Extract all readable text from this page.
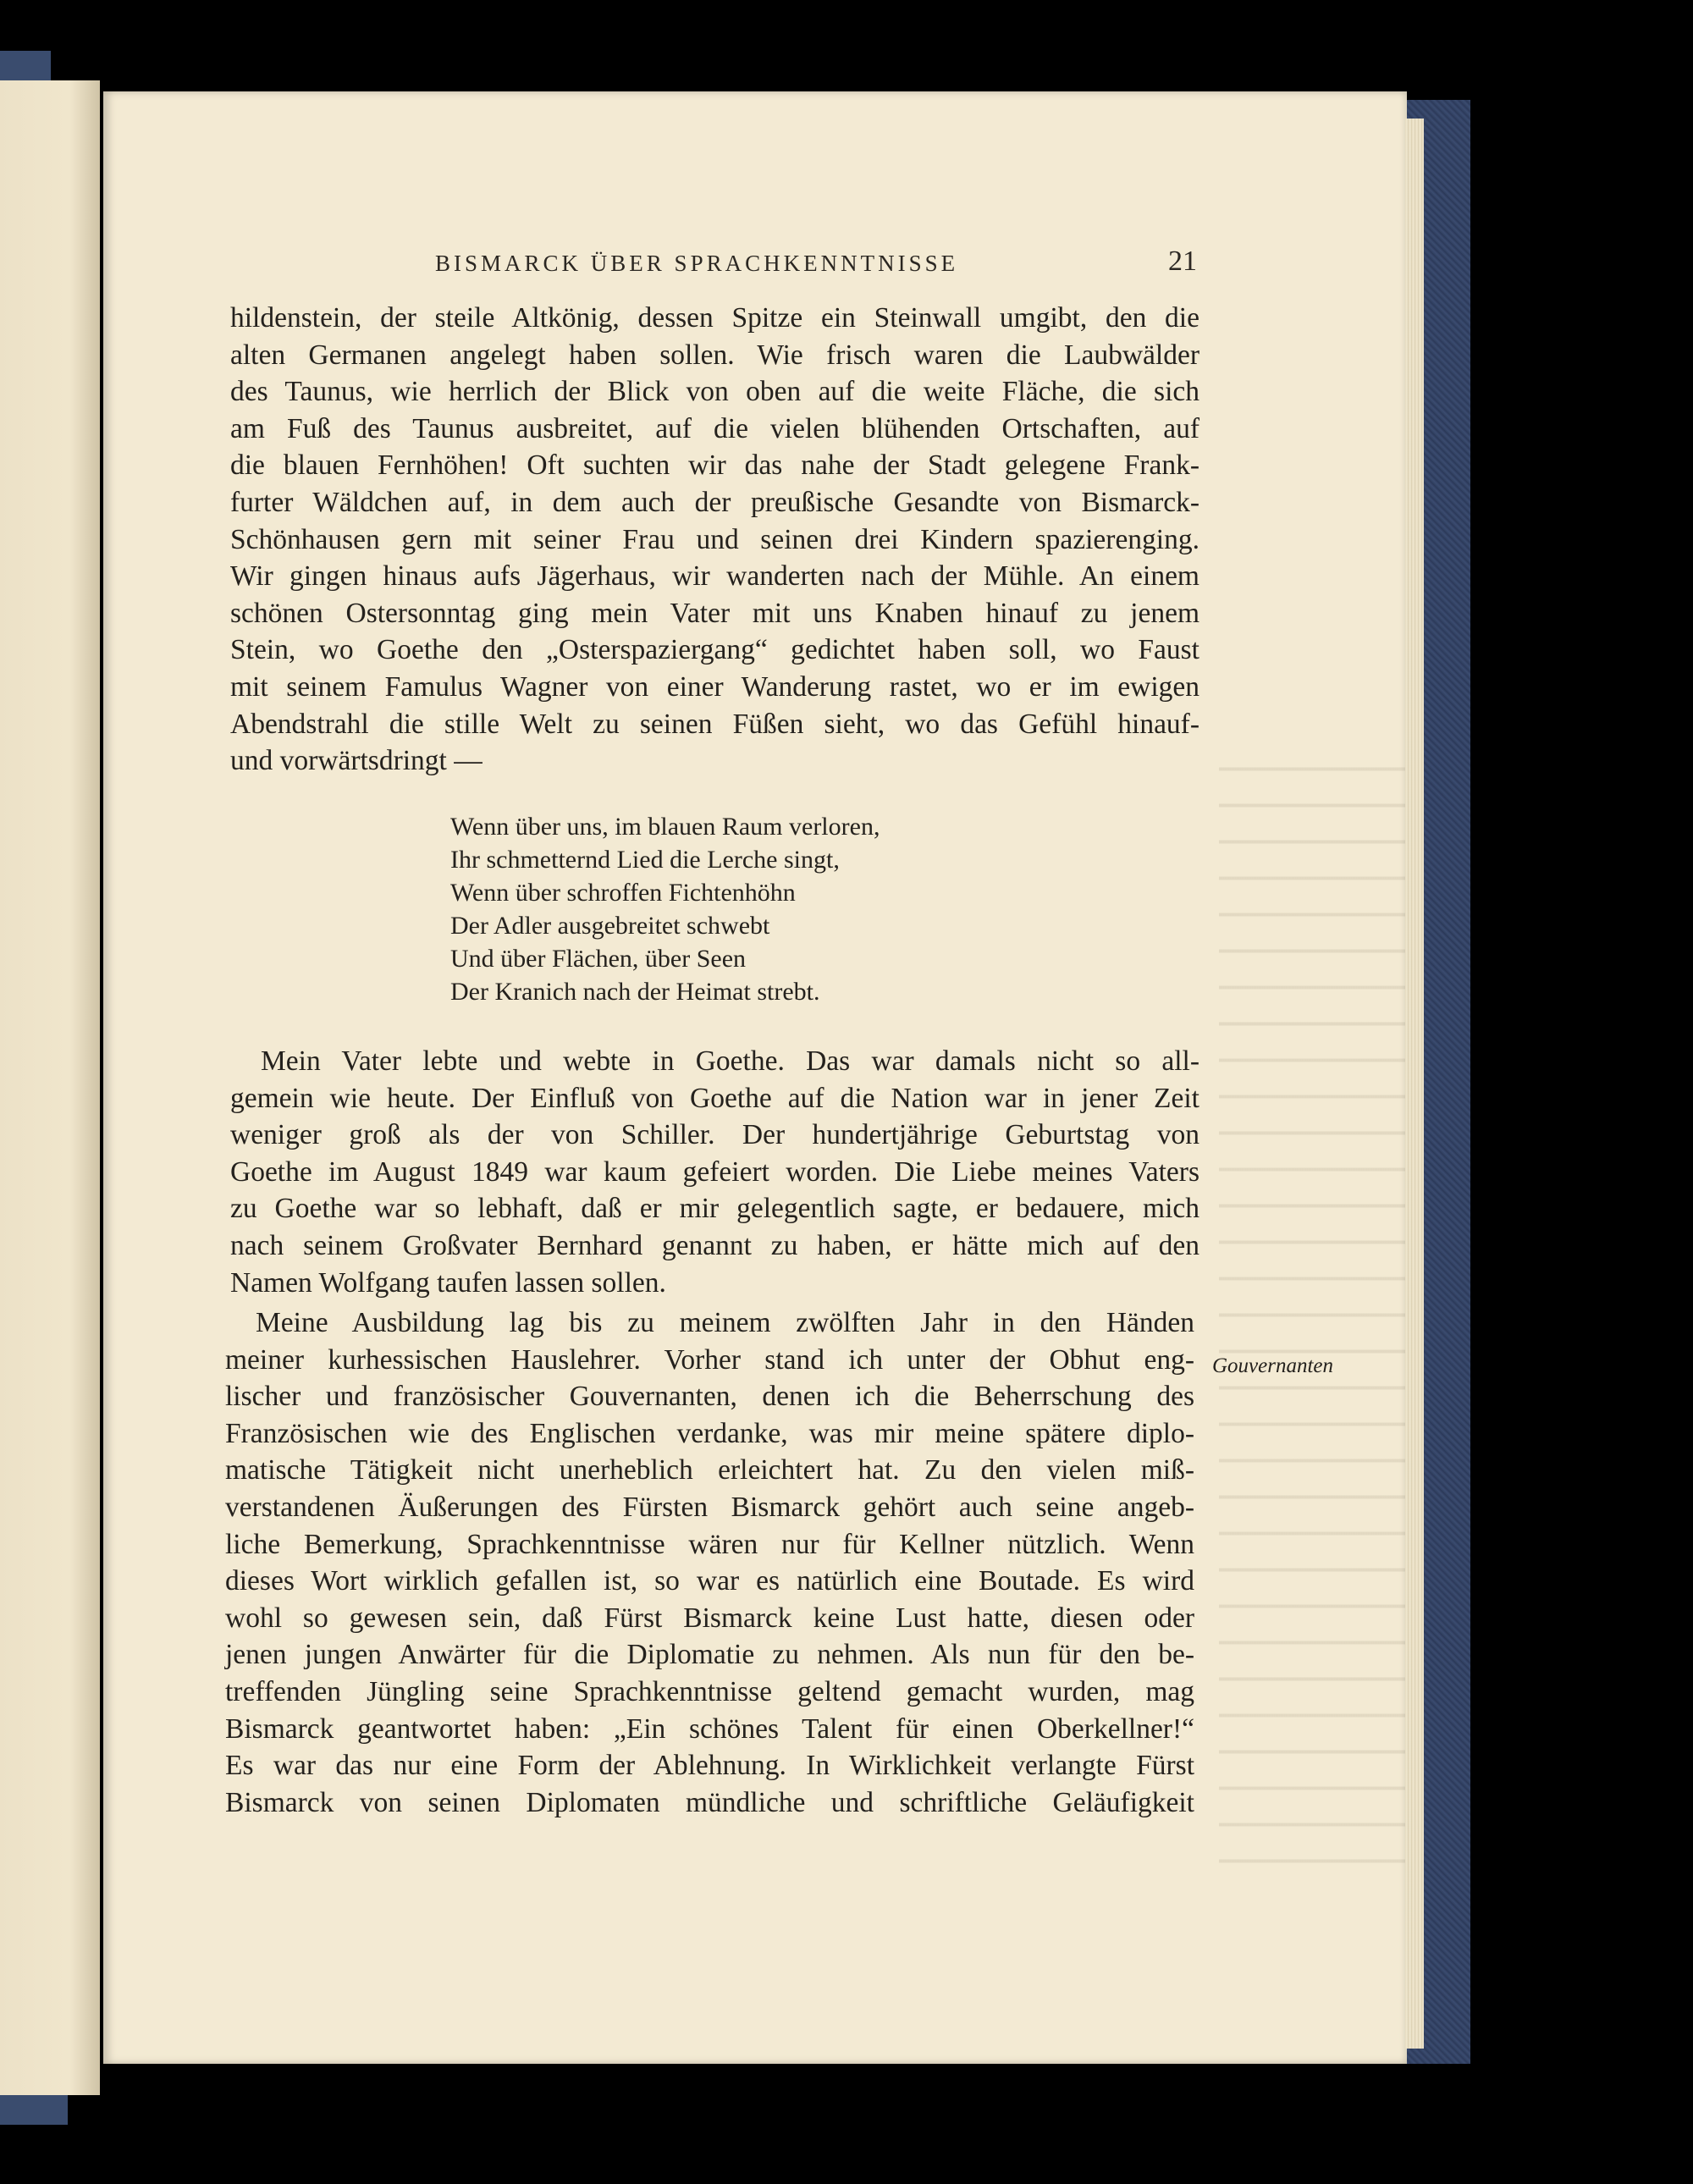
BISMARCK ÜBER SPRACHKENNTNISSE	21
hildenstein, der steile Altkönig, dessen Spitze ein Steinwall umgibt, den die
alten Germanen angelegt haben sollen. Wie frisch waren die Laubwälder
des Taunus, wie herrlich der Blick von oben auf die weite Fläche, die sich
am Fuß des Taunus ausbreitet, auf die vielen blühenden Ortschaften, auf
die blauen Fernhöhen! Oft suchten wir das nahe der Stadt gelegene Frank-
furter Wäldchen auf, in dem auch der preußische Gesandte von Bismarck-
Schönhausen gern mit seiner Frau und seinen drei Kindern spazierenging.
Wir gingen hinaus aufs Jägerhaus, wir wanderten nach der Mühle. An einem
schönen Ostersonntag ging mein Vater mit uns Knaben hinauf zu jenem
Stein, wo Goethe den „Osterspaziergang“ gedichtet haben soll, wo Faust
mit seinem Famulus Wagner von einer Wanderung rastet, wo er im ewigen
Abendstrahl die stille Welt zu seinen Füßen sieht, wo das Gefühl hinauf-
und vorwärtsdringt —
Wenn über uns, im blauen Raum verloren,
Ihr schmetternd Lied die Lerche singt,
Wenn über schroffen Fichtenhöhn
Der Adler ausgebreitet schwebt
Und über Flächen, über Seen
Der Kranich nach der Heimat strebt.
Mein Vater lebte und webte in Goethe. Das war damals nicht so all-
gemein wie heute. Der Einfluß von Goethe auf die Nation war in jener Zeit
weniger groß als der von Schiller. Der hundertjährige Geburtstag von
Goethe im August 1849 war kaum gefeiert worden. Die Liebe meines Vaters
zu Goethe war so lebhaft, daß er mir gelegentlich sagte, er bedauere, mich
nach seinem Großvater Bernhard genannt zu haben, er hätte mich auf den
Namen Wolfgang taufen lassen sollen.
Meine Ausbildung lag bis zu meinem zwölften Jahr in den Händen
meiner kurhessischen Hauslehrer. Vorher stand ich unter der Obhut eng-
lischer und französischer Gouvernanten, denen ich die Beherrschung des
Französischen wie des Englischen verdanke, was mir meine spätere diplo-
matische Tätigkeit nicht unerheblich erleichtert hat. Zu den vielen miß-
verstandenen Äußerungen des Fürsten Bismarck gehört auch seine angeb-
liche Bemerkung, Sprachkenntnisse wären nur für Kellner nützlich. Wenn
dieses Wort wirklich gefallen ist, so war es natürlich eine Boutade. Es wird
wohl so gewesen sein, daß Fürst Bismarck keine Lust hatte, diesen oder
jenen jungen Anwärter für die Diplomatie zu nehmen. Als nun für den be-
treffenden Jüngling seine Sprachkenntnisse geltend gemacht wurden, mag
Bismarck geantwortet haben: „Ein schönes Talent für einen Oberkellner!“
Es war das nur eine Form der Ablehnung. In Wirklichkeit verlangte Fürst
Bismarck von seinen Diplomaten mündliche und schriftliche Geläufigkeit
Gouvernanten
